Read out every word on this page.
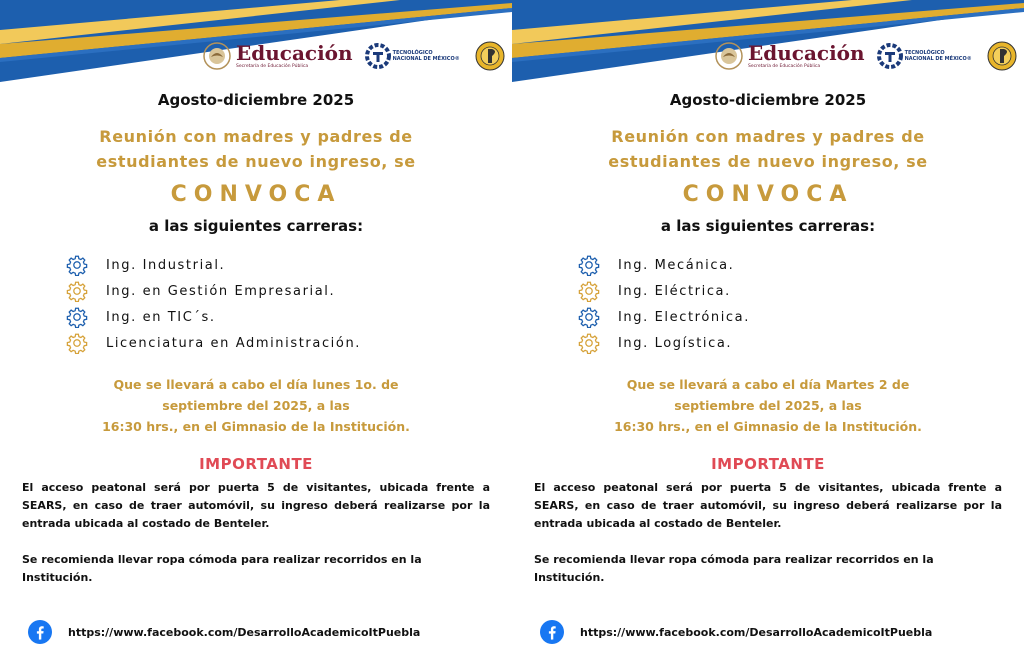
Educación
Secretaría de Educación Pública
TECNOLÓGICO
NACIONAL DE MÉXICO®
Agosto-diciembre 2025
Reunión con madres y padres de
estudiantes de nuevo ingreso, se
CONVOCA
a las siguientes carreras:
Ing. Industrial.
Ing. en Gestión Empresarial.
Ing. en TIC´s.
Licenciatura en Administración.
Que se llevará a cabo el día lunes 1o. de
septiembre del 2025, a las
16:30 hrs., en el Gimnasio de la Institución.
IMPORTANTE
El acceso peatonal será por puerta 5 de visitantes, ubicada frente a SEARS, en caso de traer automóvil, su ingreso deberá realizarse por la entrada ubicada al costado de Benteler.
Se recomienda llevar ropa cómoda para realizar recorridos en la Institución.
https://www.facebook.com/DesarrolloAcademicoItPuebla
Educación
Secretaría de Educación Pública
TECNOLÓGICO
NACIONAL DE MÉXICO®
Agosto-diciembre 2025
Reunión con madres y padres de
estudiantes de nuevo ingreso, se
CONVOCA
a las siguientes carreras:
Ing. Mecánica.
Ing. Eléctrica.
Ing. Electrónica.
Ing. Logística.
Que se llevará a cabo el día Martes 2 de
septiembre del 2025, a las
16:30 hrs., en el Gimnasio de la Institución.
IMPORTANTE
El acceso peatonal será por puerta 5 de visitantes, ubicada frente a SEARS, en caso de traer automóvil, su ingreso deberá realizarse por la entrada ubicada al costado de Benteler.
Se recomienda llevar ropa cómoda para realizar recorridos en la Institución.
https://www.facebook.com/DesarrolloAcademicoItPuebla
